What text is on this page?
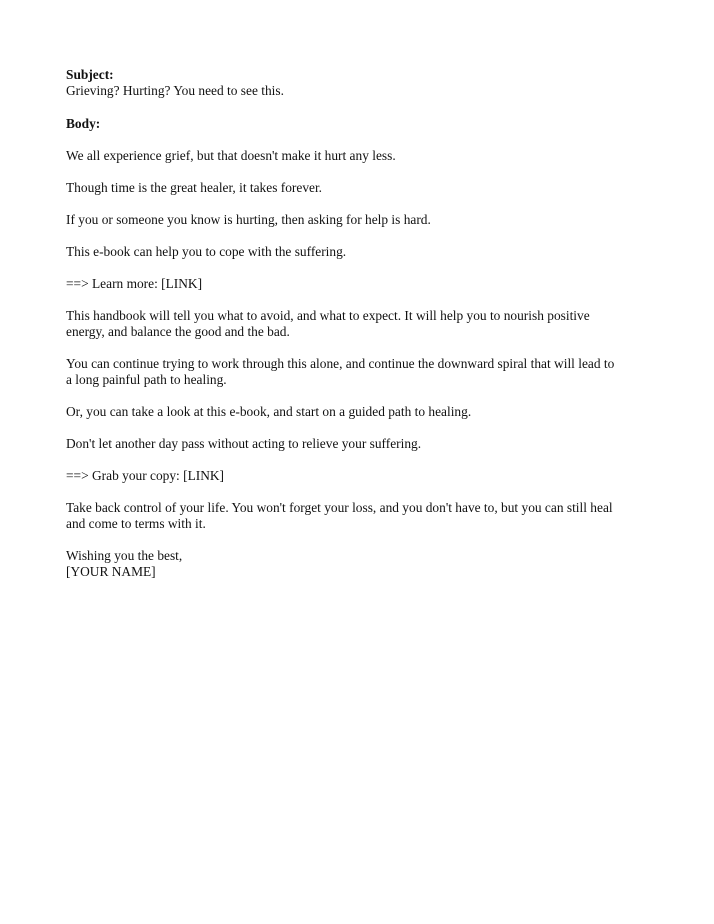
Subject:
Grieving? Hurting? You need to see this.
Body:
We all experience grief, but that doesn't make it hurt any less.
Though time is the great healer, it takes forever.
If you or someone you know is hurting, then asking for help is hard.
This e-book can help you to cope with the suffering.
==> Learn more: [LINK]
This handbook will tell you what to avoid, and what to expect. It will help you to nourish positive
energy, and balance the good and the bad.
You can continue trying to work through this alone, and continue the downward spiral that will lead to
a long painful path to healing.
Or, you can take a look at this e-book, and start on a guided path to healing.
Don't let another day pass without acting to relieve your suffering.
==> Grab your copy: [LINK]
Take back control of your life. You won't forget your loss, and you don't have to, but you can still heal
and come to terms with it.
Wishing you the best,
[YOUR NAME]
